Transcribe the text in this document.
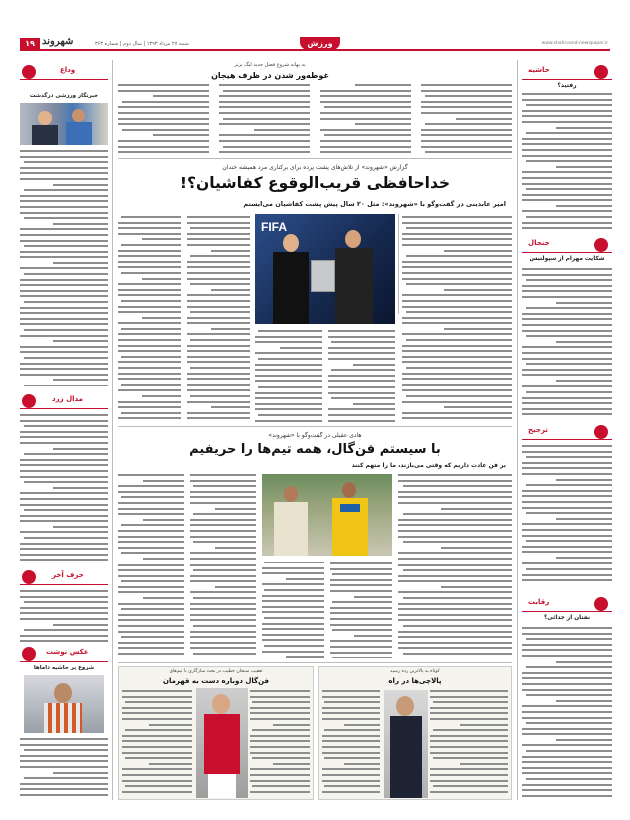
۱۹ شهروند	شنبه ۲۷ مرداد ۱۳۹۳ | سال دوم | شماره ۳۶۳	ورزش	www.shahrvand-newspaper.ir
حاشیه
رفتید؟
جنجال
شکایت مهرام از سپولتیس
ترجیح
رقابت
نفتان از جدائی؟
وداع
خبرنگار ورزشی درگذشت
مدال زرد
حرف آخر
عکس نوشت
شروع پر حاشیه داماها
به بهانه شروع فصل جدید لیگ برتر
غوطه‌ور شدن در ظرف هیجان
گزارش «شهروند» از تلاش‌های پشت پرده برای برکناری مرد همیشه خندان
خداحافظی قریب‌الوقوع کفاشیان؟!
امیر عابدینی در گفت‌وگو با «شهروند»: مثل ۲۰ سال پیش پشت کفاشیان می‌ایستم
FIFA
هادی عقیلی در گفت‌وگو با «شهروند»
با سیستم فن‌گال، همه تیم‌ها را حریفیم
بر فن عادت داریم که وقتی می‌بازند، ما را متهم کنند
تعقیب سبحان خطیب در بحث سازگاری با تیم‌های
فن‌گال دوباره دست به قهرمان
کوتاه به بالاترین رده رسید
پالاچی‌ها در راه
